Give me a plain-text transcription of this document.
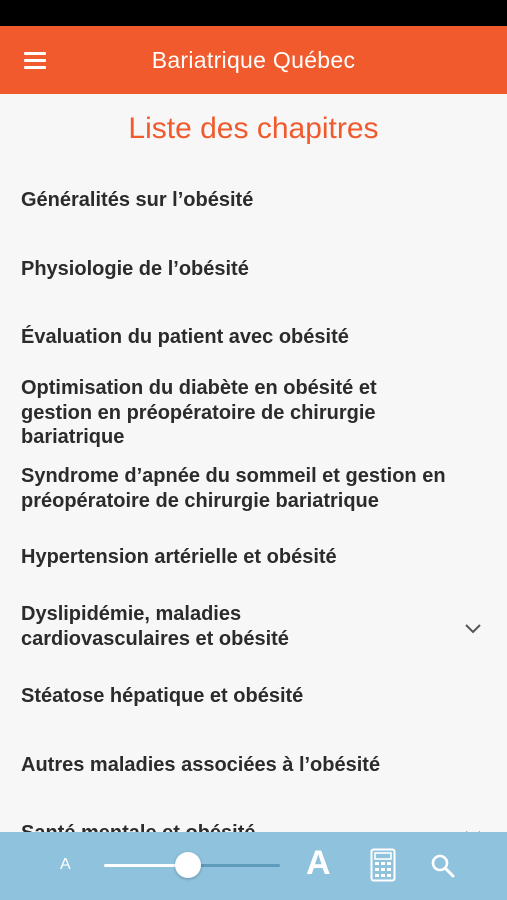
Bariatrique Québec
Liste des chapitres
Généralités sur l’obésité
Physiologie de l’obésité
Évaluation du patient avec obésité
Optimisation du diabète en obésité et gestion en préopératoire de chirurgie bariatrique
Syndrome d’apnée du sommeil et gestion en préopératoire de chirurgie bariatrique
Hypertension artérielle et obésité
Dyslipidémie, maladies cardiovasculaires et obésité
Stéatose hépatique et obésité
Autres maladies associées à l’obésité
A	A
